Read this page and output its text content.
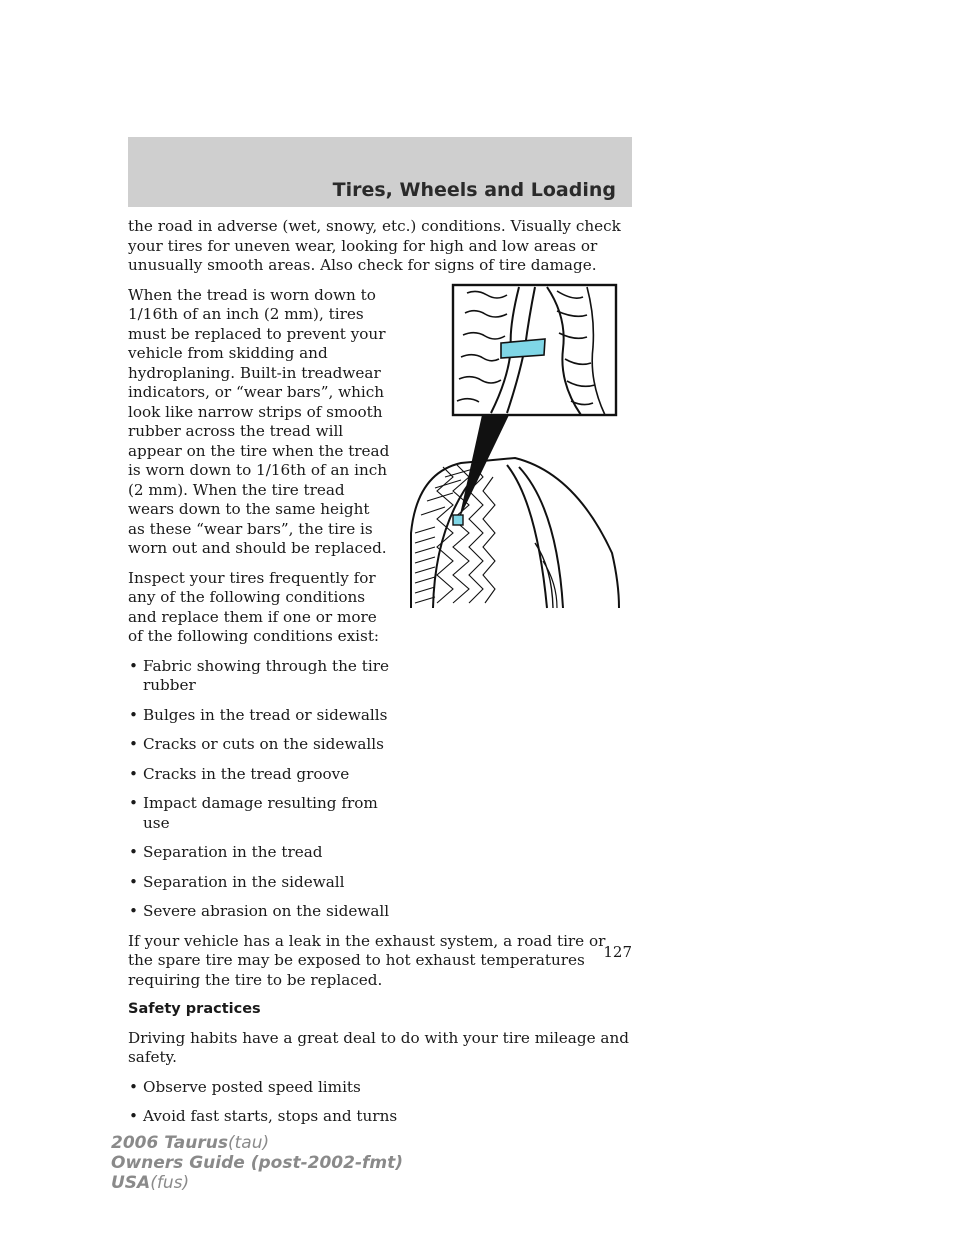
Tires, Wheels and Loading

the road in adverse (wet, snowy, etc.) conditions. Visually check your tires for uneven wear, looking for high and low areas or unusually smooth areas. Also check for signs of tire damage.

When the tread is worn down to 1/16th of an inch (2 mm), tires must be replaced to prevent your vehicle from skidding and hydroplaning. Built-in treadwear indicators, or “wear bars”, which look like narrow strips of smooth rubber across the tread will appear on the tire when the tread is worn down to 1/16th of an inch (2 mm). When the tire tread wears down to the same height as these “wear bars”, the tire is worn out and should be replaced.

Inspect your tires frequently for any of the following conditions and replace them if one or more of the following conditions exist:

• Fabric showing through the tire rubber
• Bulges in the tread or sidewalls
• Cracks or cuts on the sidewalls
• Cracks in the tread groove
• Impact damage resulting from use
• Separation in the tread
• Separation in the sidewall
• Severe abrasion on the sidewall

If your vehicle has a leak in the exhaust system, a road tire or the spare tire may be exposed to hot exhaust temperatures requiring the tire to be replaced.

Safety practices

Driving habits have a great deal to do with your tire mileage and safety.

• Observe posted speed limits
• Avoid fast starts, stops and turns
127
2006 Taurus(tau)
Owners Guide (post-2002-fmt)
USA(fus)
